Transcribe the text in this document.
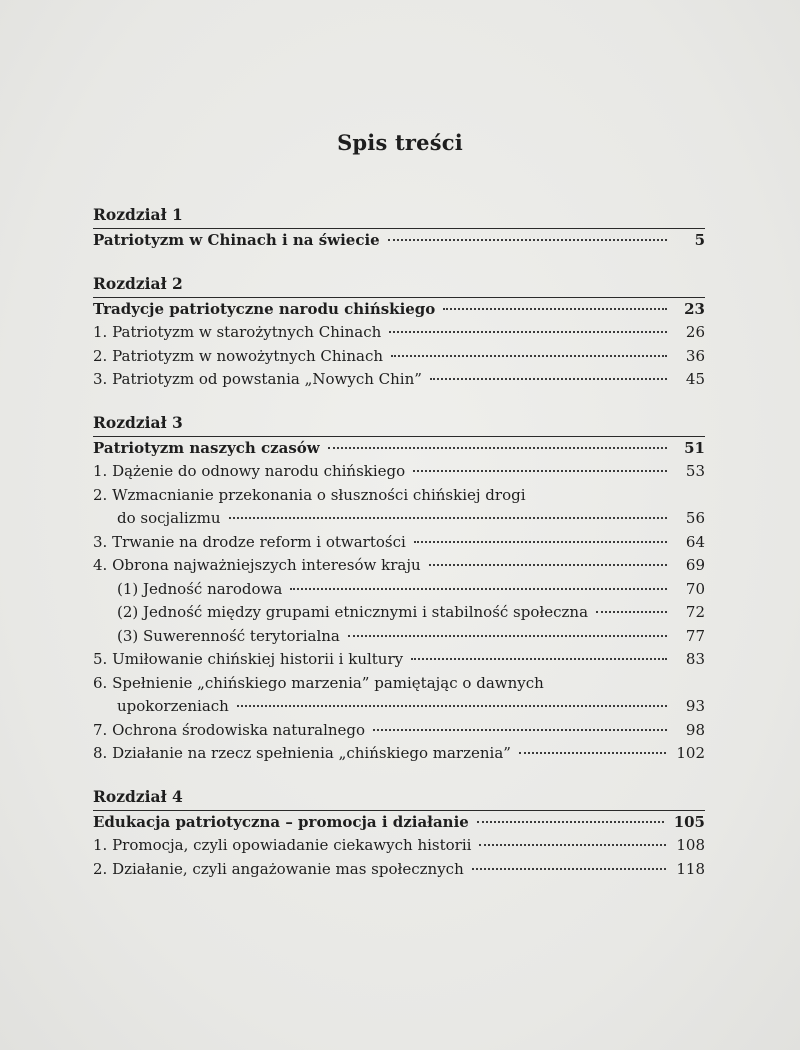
Spis treści
Rozdział 1
Patriotyzm w Chinach i na świecie	5
Rozdział 2
Tradycje patriotyczne narodu chińskiego	23
1. Patriotyzm w starożytnych Chinach	26
2. Patriotyzm w nowożytnych Chinach	36
3. Patriotyzm od powstania „Nowych Chin”	45
Rozdział 3
Patriotyzm naszych czasów	51
1. Dążenie do odnowy narodu chińskiego	53
2. Wzmacnianie przekonania o słuszności chińskiej drogi
do socjalizmu	56
3. Trwanie na drodze reform i otwartości	64
4. Obrona najważniejszych interesów kraju	69
(1) Jedność narodowa	70
(2) Jedność między grupami etnicznymi i stabilność społeczna	72
(3) Suwerenność terytorialna	77
5. Umiłowanie chińskiej historii i kultury	83
6. Spełnienie „chińskiego marzenia” pamiętając o dawnych
upokorzeniach	93
7. Ochrona środowiska naturalnego	98
8. Działanie na rzecz spełnienia „chińskiego marzenia”	102
Rozdział 4
Edukacja patriotyczna – promocja i działanie	105
1. Promocja, czyli opowiadanie ciekawych historii	108
2. Działanie, czyli angażowanie mas społecznych	118
